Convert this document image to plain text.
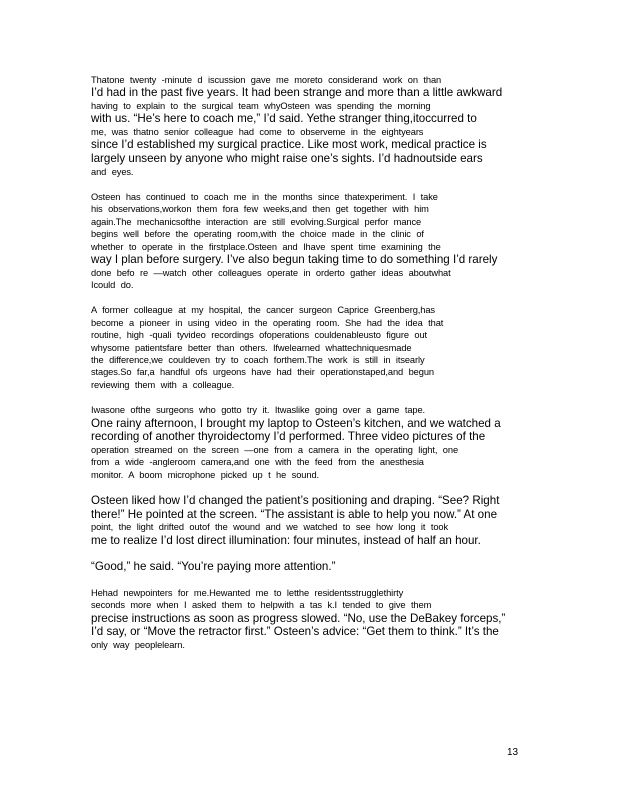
Thatone twenty -minute d iscussion gave me moreto considerand work on than
I’d had in the past five years. It had been strange and more than a little awkward
having to explain to the surgical team whyOsteen was spending the morning
with us. “He’s here to coach me,” I’d said. Yethe stranger thing,itoccurred to
me, was thatno senior colleague had come to observeme in the eightyears
since I’d established my surgical practice. Like most work, medical practice is
largely unseen by anyone who might raise one’s sights. I’d hadnoutside ears
and eyes.
Osteen has continued to coach me in the months since thatexperiment. I take
his observations,workon them fora few weeks,and then get together with him
again.The mechanicsofthe interaction are still evolving.Surgical perfor mance
begins well before the operating room,with the choice made in the clinic of
whether to operate in the firstplace.Osteen and Ihave spent time examining the
way I plan before surgery. I’ve also begun taking time to do something I’d rarely
done befo re —watch other colleagues operate in orderto gather ideas aboutwhat
Icould do.
A former colleague at my hospital, the cancer surgeon Caprice Greenberg,has
become a pioneer in using video in the operating room. She had the idea that
routine, high -quali tyvideo recordings ofoperations couldenableusto figure out
whysome patientsfare better than others. Ifwelearned whattechniquesmade
the difference,we couldeven try to coach forthem.The work is still in itsearly
stages.So far,a handful ofs urgeons have had their operationstaped,and begun
reviewing them with a colleague.
Iwasone ofthe surgeons who gotto try it. Itwaslike going over a game tape.
One rainy afternoon, I brought my laptop to Osteen’s kitchen, and we watched a
recording of another thyroidectomy I’d performed. Three video pictures of the
operation streamed on the screen —one from a camera in the operating light, one
from a wide -angleroom camera,and one with the feed from the anesthesia
monitor. A boom microphone picked up t he sound.
Osteen liked how I’d changed the patient’s positioning and draping. “See? Right
there!” He pointed at the screen. “The assistant is able to help you now.” At one
point, the light drifted outof the wound and we watched to see how long it took
me to realize I’d lost direct illumination: four minutes, instead of half an hour.
“Good,” he said. “You’re paying more attention.”
Hehad newpointers for me.Hewanted me to letthe residentsstrugglethirty
seconds more when I asked them to helpwith a tas k.I tended to give them
precise instructions as soon as progress slowed. “No, use the DeBakey forceps,”
I’d say, or “Move the retractor first.” Osteen’s advice: “Get them to think.” It’s the
only way peoplelearn.
13
